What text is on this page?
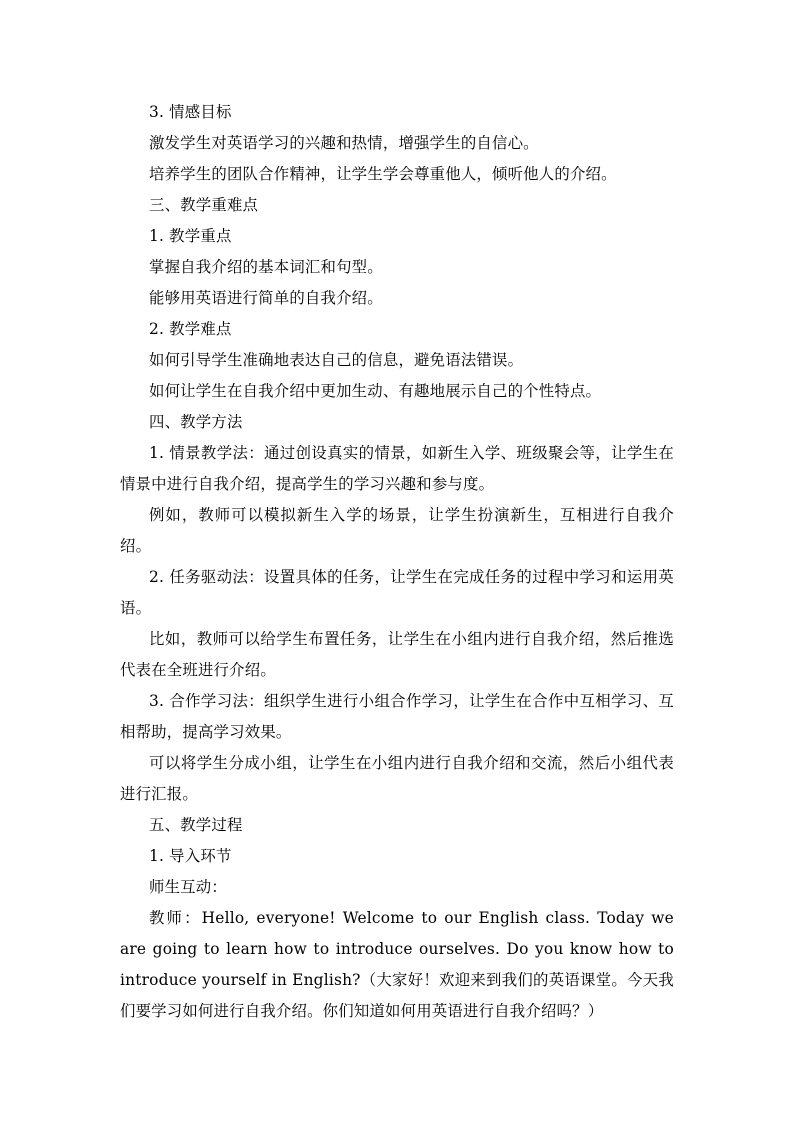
3. 情感目标

激发学生对英语学习的兴趣和热情，增强学生的自信心。

培养学生的团队合作精神，让学生学会尊重他人，倾听他人的介绍。

三、教学重难点

1. 教学重点

掌握自我介绍的基本词汇和句型。

能够用英语进行简单的自我介绍。

2. 教学难点

如何引导学生准确地表达自己的信息，避免语法错误。

如何让学生在自我介绍中更加生动、有趣地展示自己的个性特点。

四、教学方法

1. 情景教学法：通过创设真实的情景，如新生入学、班级聚会等，让学生在情景中进行自我介绍，提高学生的学习兴趣和参与度。

例如，教师可以模拟新生入学的场景，让学生扮演新生，互相进行自我介绍。

2. 任务驱动法：设置具体的任务，让学生在完成任务的过程中学习和运用英语。

比如，教师可以给学生布置任务，让学生在小组内进行自我介绍，然后推选代表在全班进行介绍。

3. 合作学习法：组织学生进行小组合作学习，让学生在合作中互相学习、互相帮助，提高学习效果。

可以将学生分成小组，让学生在小组内进行自我介绍和交流，然后小组代表进行汇报。

五、教学过程

1. 导入环节

师生互动：

教师：Hello, everyone! Welcome to our English class. Today we are going to learn how to introduce ourselves. Do you know how to introduce yourself in English?（大家好！欢迎来到我们的英语课堂。今天我们要学习如何进行自我介绍。你们知道如何用英语进行自我介绍吗？）
